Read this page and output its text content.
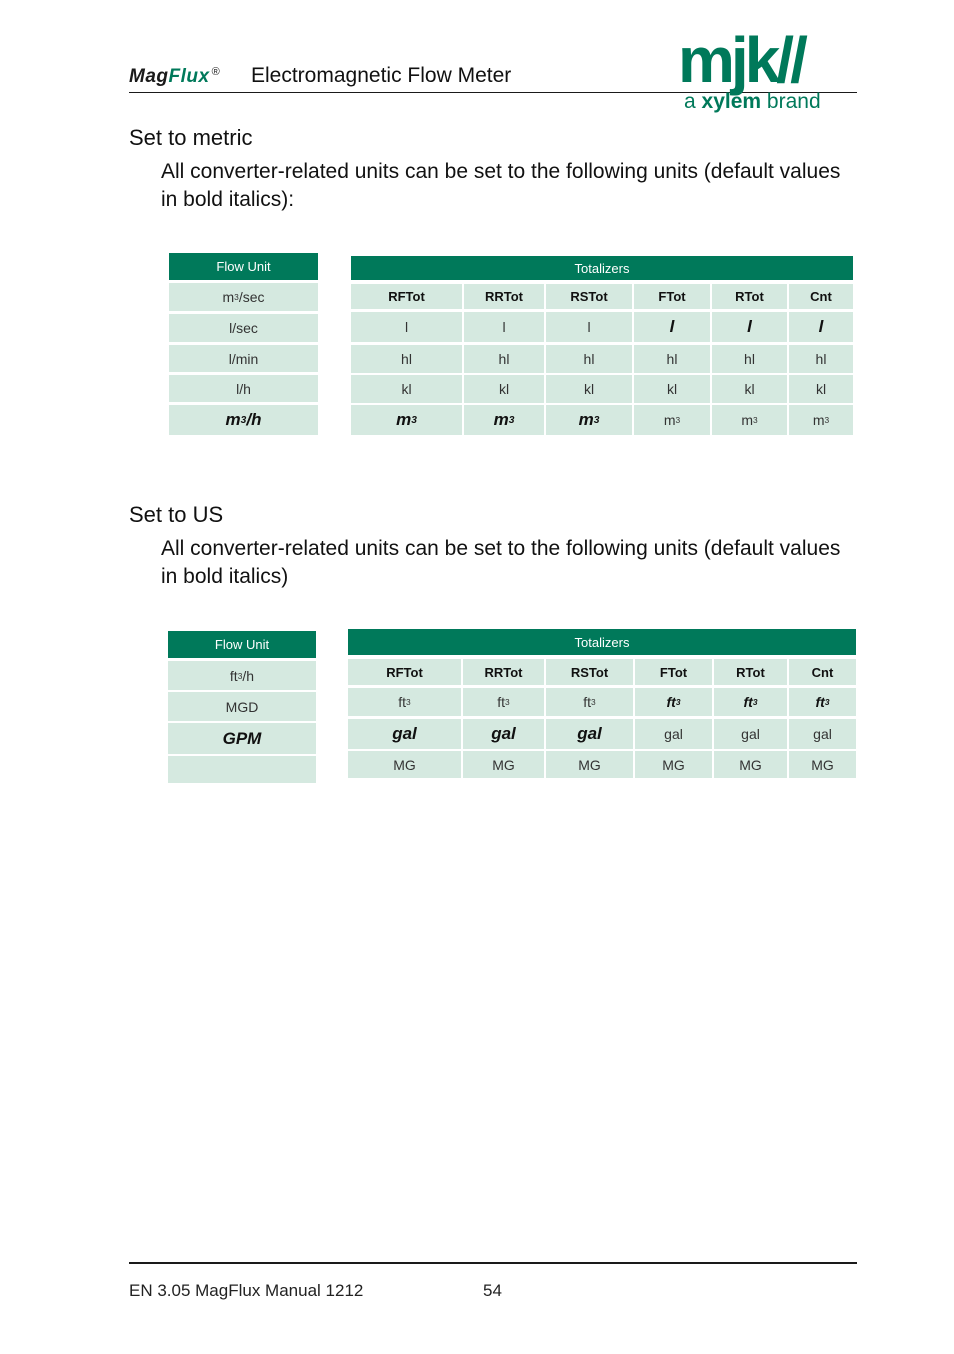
MagFlux ® Electromagnetic Flow Meter	mjk//
a xylem brand
Set to metric
All converter-related units can be set to the following units (default values in bold italics):
Flow Unit
m 3 /sec
l/sec
l/min
l/h
m 3 /h
Totalizers
RFTot	RRTot	RSTot	FTot	RTot	Cnt
l	l	l	l	l	l
hl	hl	hl	hl	hl	hl
kl	kl	kl	kl	kl	kl
m 3	m 3	m 3	m 3	m 3	m 3
Set to US
All converter-related units can be set to the following units (default values in bold italics)
Flow Unit
ft 3 /h
MGD
GPM
Totalizers
RFTot	RRTot	RSTot	FTot	RTot	Cnt
ft 3	ft 3	ft 3	ft 3	ft 3	ft 3
gal	gal	gal	gal	gal	gal
MG	MG	MG	MG	MG	MG
EN 3.05 MagFlux Manual 1212	54
